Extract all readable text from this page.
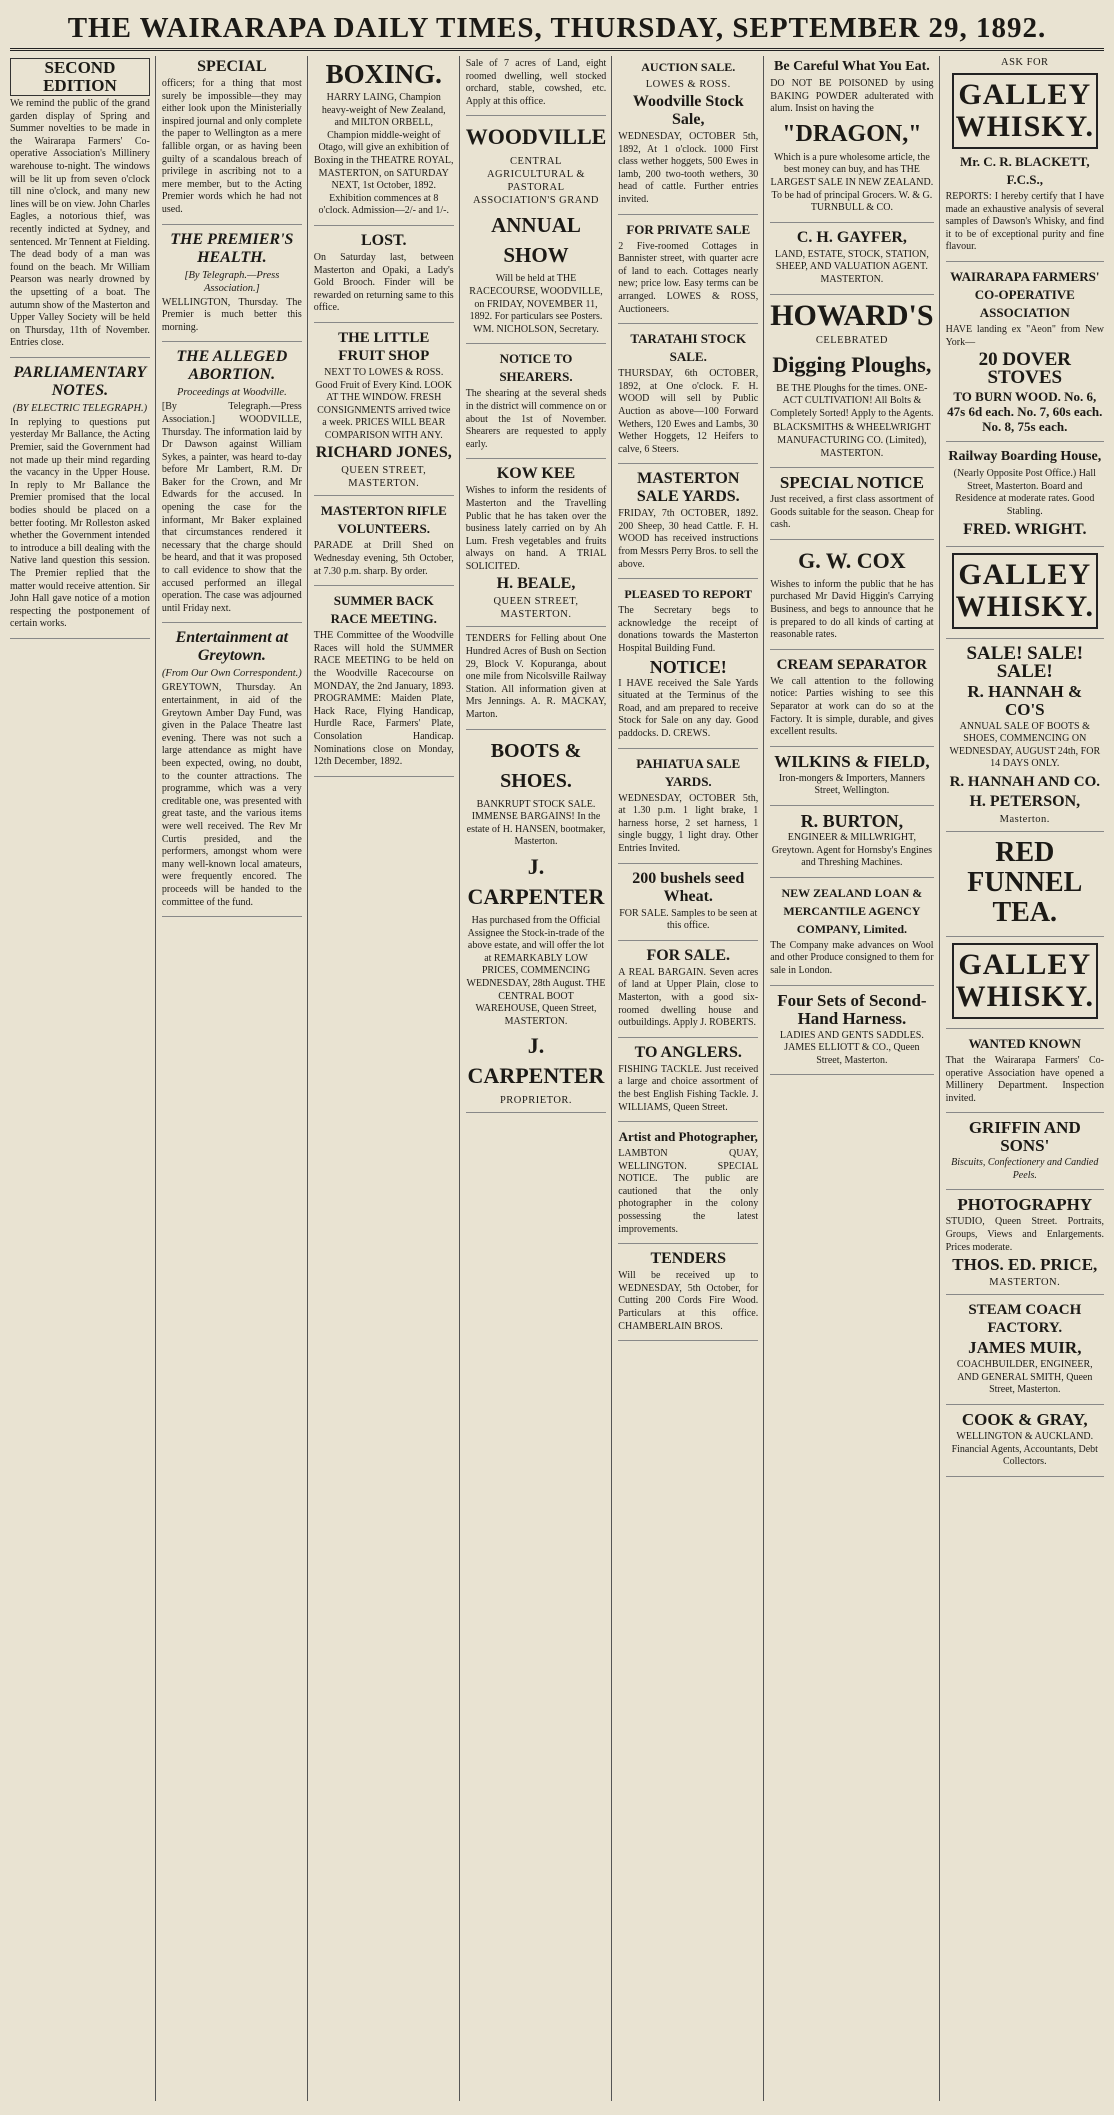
THE WAIRARAPA DAILY TIMES, THURSDAY, SEPTEMBER 29, 1892.
SECOND EDITION

We remind the public of the grand garden display of Spring and Summer novelties to be made in the Wairarapa Farmers' Co-operative Association's Millinery warehouse to-night. The windows will be lit up from seven o'clock till nine o'clock, and many new lines will be on view. John Charles Eagles, a notorious thief, was recently indicted at Sydney, and sentenced. Mr Tennent at Fielding. The dead body of a man was found on the beach. Mr William Pearson was nearly drowned by the upsetting of a boat. The autumn show of the Masterton and Upper Valley Society will be held on Thursday, 11th of November. Entries close.

PARLIAMENTARY NOTES.
(BY ELECTRIC TELEGRAPH.)

In replying to questions put yesterday Mr Ballance, the Acting Premier, said the Government had not made up their mind regarding the vacancy in the Upper House. In reply to Mr Ballance the Premier promised that the local bodies should be placed on a better footing. Mr Rolleston asked whether the Government intended to introduce a bill dealing with the Native land question this session. The Premier replied that the matter would receive attention. Sir John Hall gave notice of a motion respecting the postponement of certain works.

SPECIAL

officers; for a thing that most surely be impossible—they may either look upon the Ministerially inspired journal and only complete the paper to Wellington as a mere fallible organ, or as having been guilty of a scandalous breach of privilege in ascribing not to a mere member, but to the Acting Premier words which he had not used.

THE PREMIER'S HEALTH.
[By Telegraph.—Press Association.]

WELLINGTON, Thursday. The Premier is much better this morning.

THE ALLEGED ABORTION.
Proceedings at Woodville.

[By Telegraph.—Press Association.] WOODVILLE, Thursday. The information laid by Dr Dawson against William Sykes, a painter, was heard to-day before Mr Lambert, R.M. Dr Baker for the Crown, and Mr Edwards for the accused. In opening the case for the informant, Mr Baker explained that circumstances rendered it necessary that the charge should be heard, and that it was proposed to call evidence to show that the accused performed an illegal operation. The case was adjourned until Friday next.

Entertainment at Greytown.
(From Our Own Correspondent.)

GREYTOWN, Thursday. An entertainment, in aid of the Greytown Amber Day Fund, was given in the Palace Theatre last evening. There was not such a large attendance as might have been expected, owing, no doubt, to the counter attractions. The programme, which was a very creditable one, was presented with great taste, and the various items were well received. The Rev Mr Curtis presided, and the performers, amongst whom were many well-known local amateurs, were frequently encored. The proceeds will be handed to the committee of the fund.

BOXING.

HARRY LAING, Champion heavy-weight of New Zealand, and MILTON ORBELL, Champion middle-weight of Otago, will give an exhibition of Boxing in the THEATRE ROYAL, MASTERTON, on SATURDAY NEXT, 1st October, 1892. Exhibition commences at 8 o'clock. Admission—2/- and 1/-.

LOST.

On Saturday last, between Masterton and Opaki, a Lady's Gold Brooch. Finder will be rewarded on returning same to this office.

THE LITTLE FRUIT SHOP

NEXT TO LOWES & ROSS. Good Fruit of Every Kind. LOOK AT THE WINDOW. FRESH CONSIGNMENTS arrived twice a week. PRICES WILL BEAR COMPARISON WITH ANY.

RICHARD JONES,
QUEEN STREET, MASTERTON.
MASTERTON RIFLE VOLUNTEERS.

PARADE at Drill Shed on Wednesday evening, 5th October, at 7.30 p.m. sharp. By order.

SUMMER BACK RACE MEETING.

THE Committee of the Woodville Races will hold the SUMMER RACE MEETING to be held on the Woodville Racecourse on MONDAY, the 2nd January, 1893. PROGRAMME: Maiden Plate, Hack Race, Flying Handicap, Hurdle Race, Farmers' Plate, Consolation Handicap. Nominations close on Monday, 12th December, 1892.

Sale of 7 acres of Land, eight roomed dwelling, well stocked orchard, stable, cowshed, etc. Apply at this office.

WOODVILLE
CENTRAL AGRICULTURAL & PASTORAL ASSOCIATION'S GRAND
ANNUAL SHOW

Will be held at THE RACECOURSE, WOODVILLE, on FRIDAY, NOVEMBER 11, 1892. For particulars see Posters. WM. NICHOLSON, Secretary.

NOTICE TO SHEARERS.

The shearing at the several sheds in the district will commence on or about the 1st of November. Shearers are requested to apply early.

KOW KEE

Wishes to inform the residents of Masterton and the Travelling Public that he has taken over the business lately carried on by Ah Lum. Fresh vegetables and fruits always on hand. A TRIAL SOLICITED.

H. BEALE,
QUEEN STREET, MASTERTON.

TENDERS for Felling about One Hundred Acres of Bush on Section 29, Block V. Kopuranga, about one mile from Nicolsville Railway Station. All information given at Mrs Jennings. A. R. MACKAY, Marton.

BOOTS & SHOES.

BANKRUPT STOCK SALE. IMMENSE BARGAINS! In the estate of H. HANSEN, bootmaker, Masterton.

J. CARPENTER

Has purchased from the Official Assignee the Stock-in-trade of the above estate, and will offer the lot at REMARKABLY LOW PRICES, COMMENCING WEDNESDAY, 28th August. THE CENTRAL BOOT WAREHOUSE, Queen Street, MASTERTON.

J. CARPENTER
PROPRIETOR.
AUCTION SALE.
LOWES & ROSS.
Woodville Stock Sale,

WEDNESDAY, OCTOBER 5th, 1892, At 1 o'clock. 1000 First class wether hoggets, 500 Ewes in lamb, 200 two-tooth wethers, 30 head of cattle. Further entries invited.

FOR PRIVATE SALE

2 Five-roomed Cottages in Bannister street, with quarter acre of land to each. Cottages nearly new; price low. Easy terms can be arranged. LOWES & ROSS, Auctioneers.

TARATAHI STOCK SALE.

THURSDAY, 6th OCTOBER, 1892, at One o'clock. F. H. WOOD will sell by Public Auction as above—100 Forward Wethers, 120 Ewes and Lambs, 30 Wether Hoggets, 12 Heifers to calve, 6 Steers.

MASTERTON SALE YARDS.

FRIDAY, 7th OCTOBER, 1892. 200 Sheep, 30 head Cattle. F. H. WOOD has received instructions from Messrs Perry Bros. to sell the above.

PLEASED TO REPORT

The Secretary begs to acknowledge the receipt of donations towards the Masterton Hospital Building Fund.

NOTICE!

I HAVE received the Sale Yards situated at the Terminus of the Road, and am prepared to receive Stock for Sale on any day. Good paddocks. D. CREWS.

PAHIATUA SALE YARDS.

WEDNESDAY, OCTOBER 5th, at 1.30 p.m. 1 light brake, 1 harness horse, 2 set harness, 1 single buggy, 1 light dray. Other Entries Invited.

200 bushels seed Wheat.

FOR SALE. Samples to be seen at this office.

FOR SALE.

A REAL BARGAIN. Seven acres of land at Upper Plain, close to Masterton, with a good six-roomed dwelling house and outbuildings. Apply J. ROBERTS.

TO ANGLERS.

FISHING TACKLE. Just received a large and choice assortment of the best English Fishing Tackle. J. WILLIAMS, Queen Street.

Artist and Photographer,

LAMBTON QUAY, WELLINGTON. SPECIAL NOTICE. The public are cautioned that the only photographer in the colony possessing the latest improvements.

TENDERS

Will be received up to WEDNESDAY, 5th October, for Cutting 200 Cords Fire Wood. Particulars at this office. CHAMBERLAIN BROS.

Be Careful What You Eat.

DO NOT BE POISONED by using BAKING POWDER adulterated with alum. Insist on having the

"DRAGON,"

Which is a pure wholesome article, the best money can buy, and has THE LARGEST SALE IN NEW ZEALAND. To be had of principal Grocers. W. & G. TURNBULL & CO.

C. H. GAYFER,

LAND, ESTATE, STOCK, STATION, SHEEP, AND VALUATION AGENT. MASTERTON.

HOWARD'S
CELEBRATED
Digging Ploughs,

BE THE Ploughs for the times. ONE-ACT CULTIVATION! All Bolts & Completely Sorted! Apply to the Agents.

BLACKSMITHS & WHEELWRIGHT MANUFACTURING CO. (Limited), MASTERTON.

SPECIAL NOTICE

Just received, a first class assortment of Goods suitable for the season. Cheap for cash.

G. W. COX

Wishes to inform the public that he has purchased Mr David Higgin's Carrying Business, and begs to announce that he is prepared to do all kinds of carting at reasonable rates.

CREAM SEPARATOR

We call attention to the following notice: Parties wishing to see this Separator at work can do so at the Factory. It is simple, durable, and gives excellent results.

WILKINS & FIELD,

Iron-mongers & Importers, Manners Street, Wellington.

R. BURTON,

ENGINEER & MILLWRIGHT, Greytown. Agent for Hornsby's Engines and Threshing Machines.

NEW ZEALAND LOAN & MERCANTILE AGENCY COMPANY, Limited.

The Company make advances on Wool and other Produce consigned to them for sale in London.

Four Sets of Second-Hand Harness.

LADIES AND GENTS SADDLES. JAMES ELLIOTT & CO., Queen Street, Masterton.

ASK FOR
GALLEY WHISKY.
Mr. C. R. BLACKETT, F.C.S.,

REPORTS: I hereby certify that I have made an exhaustive analysis of several samples of Dawson's Whisky, and find it to be of exceptional purity and fine flavour.

WAIRARAPA FARMERS' CO-OPERATIVE ASSOCIATION

HAVE landing ex "Aeon" from New York—

20 DOVER STOVES

TO BURN WOOD. No. 6, 47s 6d each. No. 7, 60s each. No. 8, 75s each.

Railway Boarding House,

(Nearly Opposite Post Office.) Hall Street, Masterton. Board and Residence at moderate rates. Good Stabling.

FRED. WRIGHT.
GALLEY WHISKY.
SALE! SALE! SALE!
R. HANNAH & CO'S

ANNUAL SALE OF BOOTS & SHOES, COMMENCING ON WEDNESDAY, AUGUST 24th, FOR 14 DAYS ONLY.

R. HANNAH AND CO.
H. PETERSON,
Masterton.
RED FUNNEL TEA.
GALLEY WHISKY.
WANTED KNOWN

That the Wairarapa Farmers' Co-operative Association have opened a Millinery Department. Inspection invited.

GRIFFIN AND SONS'

Biscuits, Confectionery and Candied Peels.

PHOTOGRAPHY

STUDIO, Queen Street. Portraits, Groups, Views and Enlargements. Prices moderate.

THOS. ED. PRICE,
MASTERTON.
STEAM COACH FACTORY.
JAMES MUIR,

COACHBUILDER, ENGINEER, AND GENERAL SMITH, Queen Street, Masterton.

COOK & GRAY,

WELLINGTON & AUCKLAND. Financial Agents, Accountants, Debt Collectors.
